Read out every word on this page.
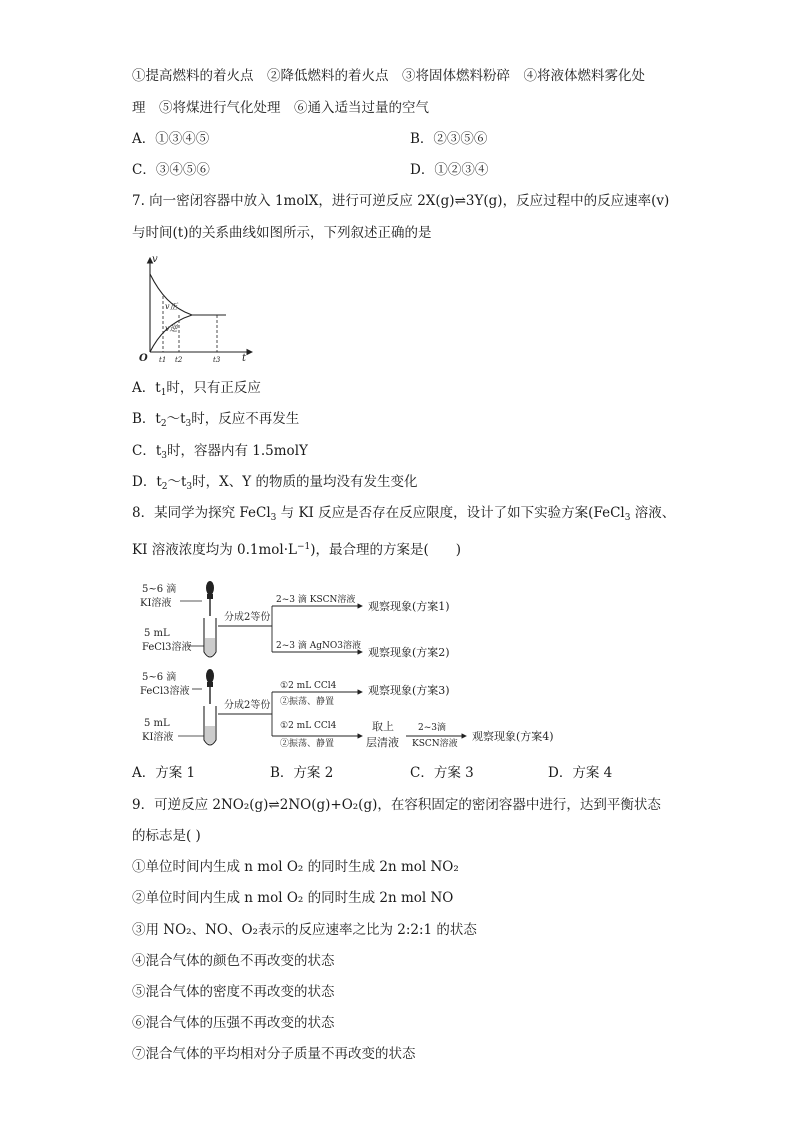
①提高燃料的着火点　②降低燃料的着火点　③将固体燃料粉碎　④将液体燃料雾化处
理　⑤将煤进行气化处理　⑥通入适当过量的空气
A．①③④⑤	B．②③⑤⑥
C．③④⑤⑥	D．①②③④
7. 向一密闭容器中放入 1molX，进行可逆反应 2X(g)⇌3Y(g)，反应过程中的反应速率(v)
与时间(t)的关系曲线如图所示，下列叙述正确的是
v
t
O
v正
v逆
t1 t2	t3
A．$t_1$时，只有正反应
B．$t_2\sim t_3$时，反应不再发生
C．$t_3$时，容器内有 1.5molY
D．$t_2\sim t_3$时，X、Y 的物质的量均没有发生变化
8．某同学为探究 FeCl$_3$ 与 KI 反应是否存在反应限度，设计了如下实验方案(FeCl$_3$ 溶液、
KI 溶液浓度均为 $0.1mol\cdot L^{-1}$)，最合理的方案是(　　)
5~6 滴
KI溶液
5 mL
FeCl3溶液
分成2等份
2~3 滴 KSCN溶液
2~3 滴 AgNO3溶液
观察现象(方案1)
观察现象(方案2)
5~6 滴
FeCl3溶液
5 mL
KI溶液
分成2等份
①2 mL CCl4
②振荡、静置
观察现象(方案3)
①2 mL CCl4
②振荡、静置
取上
层清液
2~3滴
KSCN溶液
观察现象(方案4)
A．方案 1	B．方案 2	C．方案 3	D．方案 4
9．可逆反应 2NO₂(g)⇌2NO(g)+O₂(g)，在容积固定的密闭容器中进行，达到平衡状态
的标志是( )
①单位时间内生成 n mol O₂ 的同时生成 2n mol NO₂
②单位时间内生成 n mol O₂ 的同时生成 2n mol NO
③用 NO₂、NO、O₂表示的反应速率之比为 2:2:1 的状态
④混合气体的颜色不再改变的状态
⑤混合气体的密度不再改变的状态
⑥混合气体的压强不再改变的状态
⑦混合气体的平均相对分子质量不再改变的状态
